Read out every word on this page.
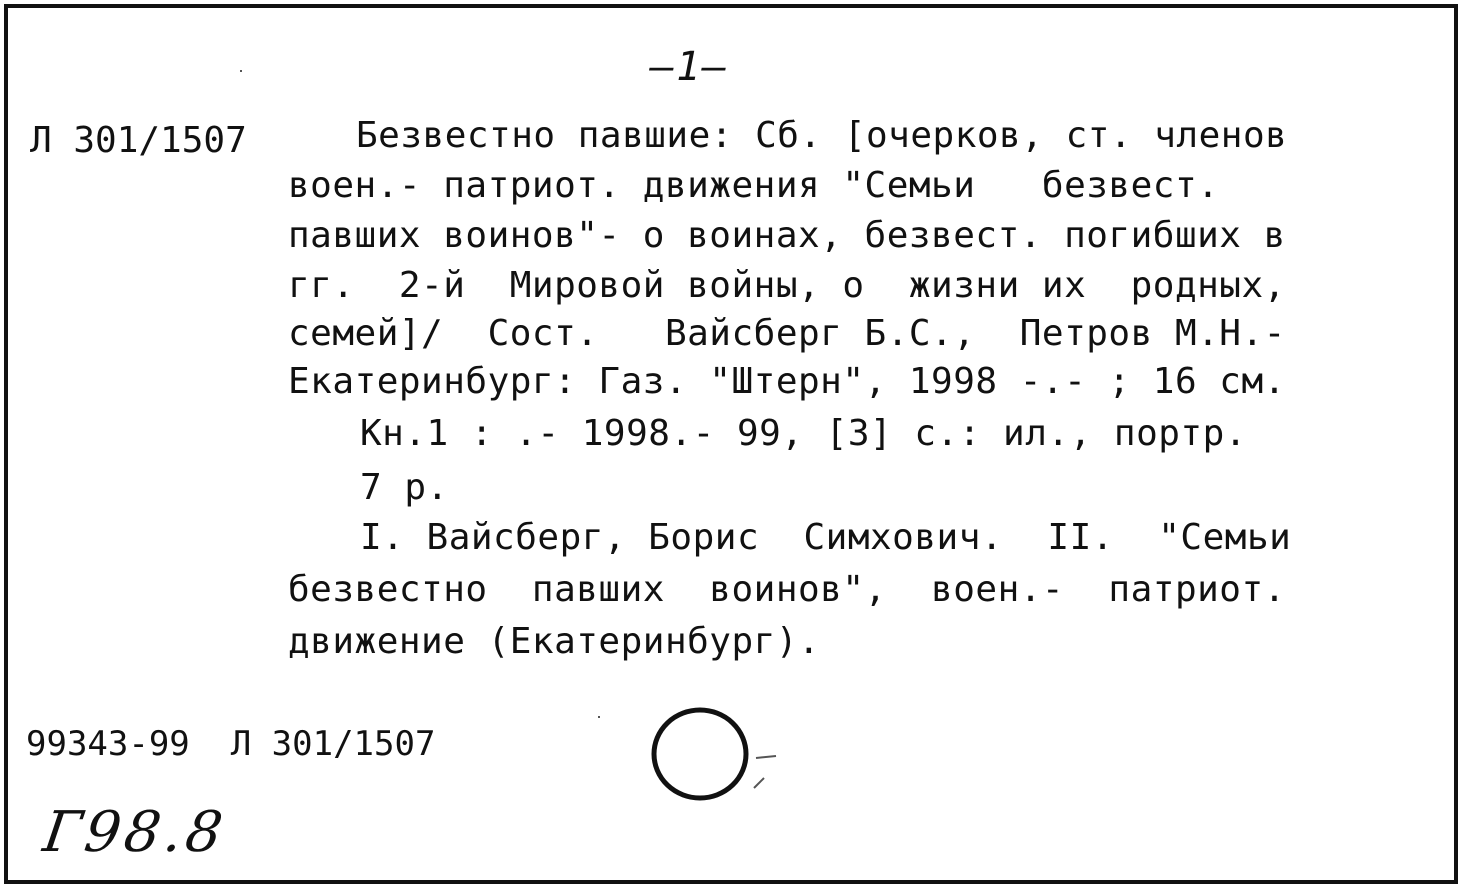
—1—
Л 301/1507	Безвестно павшие: Сб. [очерков, ст. членов
воен.- патриот. движения "Семьи   безвест.
павших воинов"- о воинах, безвест. погибших в
гг.  2-й  Мировой войны, о  жизни их  родных,
семей]/  Сост.   Вайсберг Б.С.,  Петров М.Н.-
Екатеринбург: Газ. "Штерн", 1998 -.- ; 16 см.
Кн.1 : .- 1998.- 99, [3] с.: ил., портр.
7 р.
I. Вайсберг, Борис  Симхович.  II.  "Семьи
безвестно  павших  воинов",  воен.-  патриот.
движение (Екатеринбург).
99343-99 Л 301/1507
Г98.8
